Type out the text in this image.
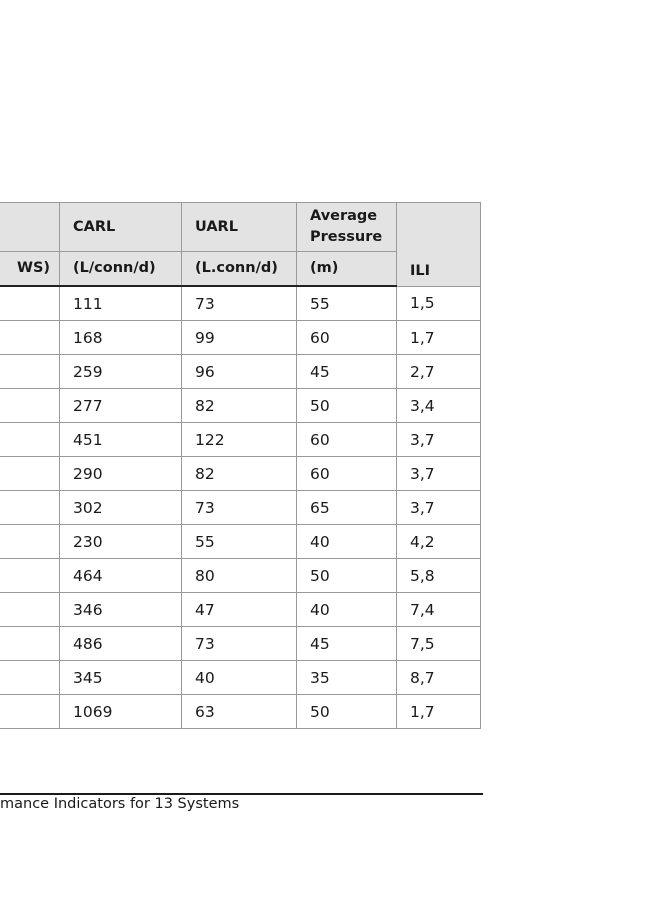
	CARL	UARL	Average Pressure	ILI
WS)	(L/conn/d)	(L.conn/d)	(m)	
	111	73	55	1,5
	168	99	60	1,7
	259	96	45	2,7
	277	82	50	3,4
	451	122	60	3,7
	290	82	60	3,7
	302	73	65	3,7
	230	55	40	4,2
	464	80	50	5,8
	346	47	40	7,4
	486	73	45	7,5
	345	40	35	8,7
	1069	63	50	1,7
mance Indicators for 13 Systems
